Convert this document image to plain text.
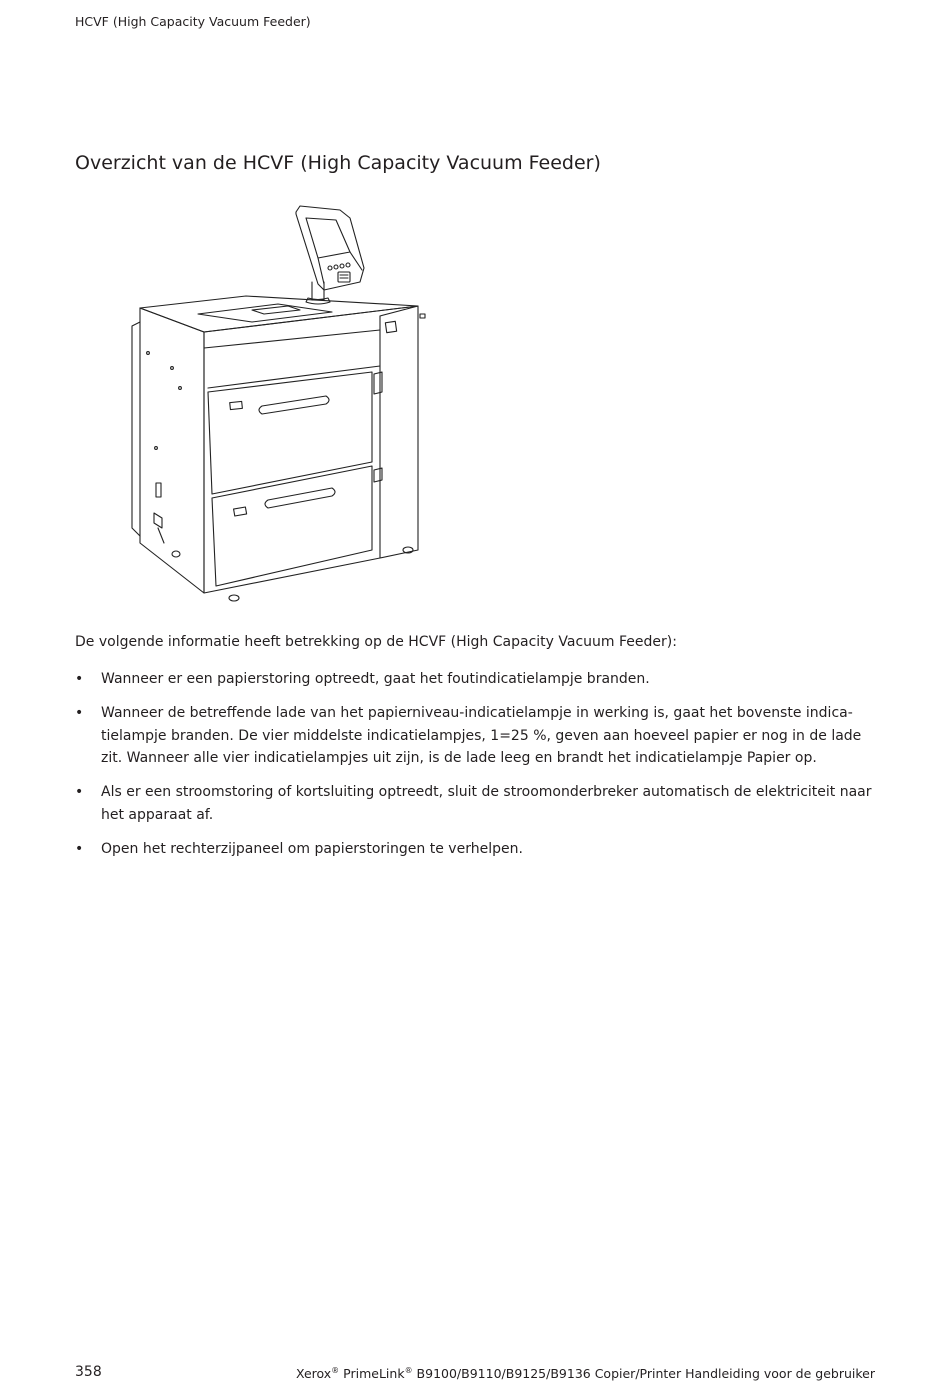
HCVF (High Capacity Vacuum Feeder)
Overzicht van de HCVF (High Capacity Vacuum Feeder)

De volgende informatie heeft betrekking op de HCVF (High Capacity Vacuum Feeder):

•	Wanneer er een papierstoring optreedt, gaat het foutindicatielampje branden.
•	Wanneer de betreffende lade van het papierniveau-indicatielampje in werking is, gaat het bovenste indica-tielampje branden. De vier middelste indicatielampjes, 1=25 %, geven aan hoeveel papier er nog in de lade zit. Wanneer alle vier indicatielampjes uit zijn, is de lade leeg en brandt het indicatielampje Papier op.
•	Als er een stroomstoring of kortsluiting optreedt, sluit de stroomonderbreker automatisch de elektriciteit naar het apparaat af.
•	Open het rechterzijpaneel om papierstoringen te verhelpen.
358	Xerox® PrimeLink® B9100/B9110/B9125/B9136 Copier/Printer Handleiding voor de gebruiker
